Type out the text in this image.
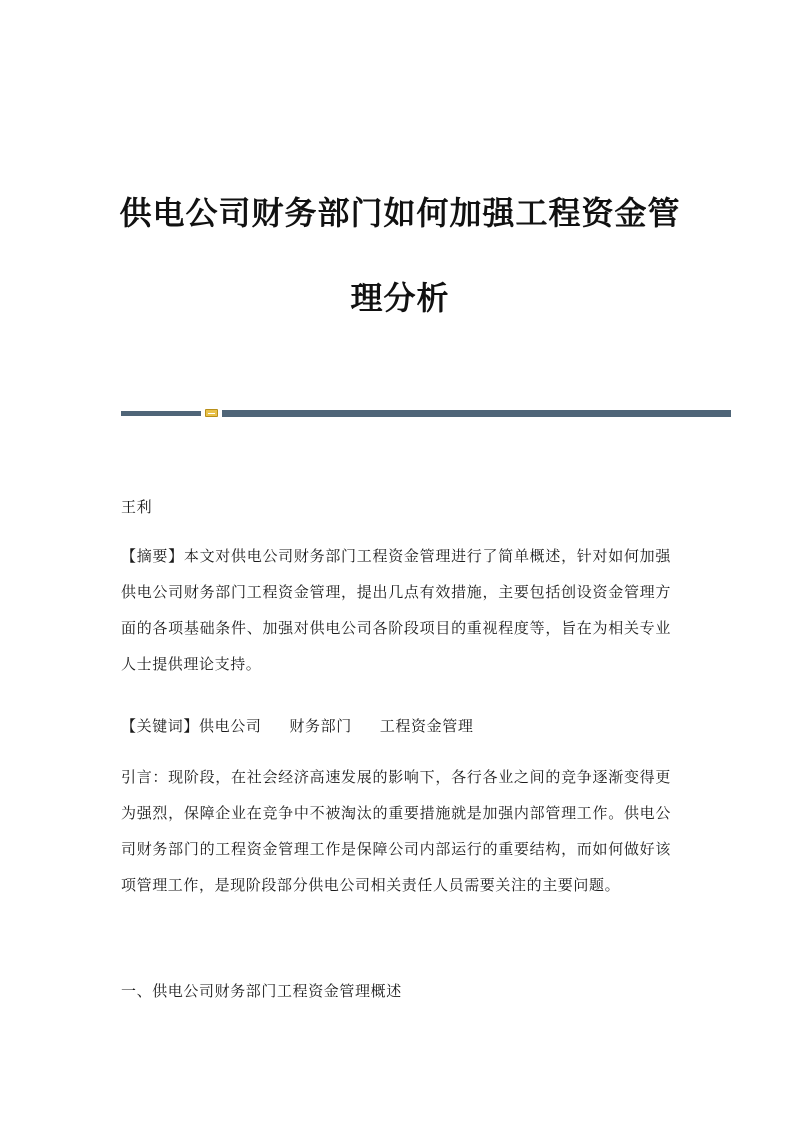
供电公司财务部门如何加强工程资金管
理分析

王利

【摘要】本文对供电公司财务部门工程资金管理进行了简单概述，针对如何加强供电公司财务部门工程资金管理，提出几点有效措施，主要包括创设资金管理方面的各项基础条件、加强对供电公司各阶段项目的重视程度等，旨在为相关专业人士提供理论支持。

【关键词】供电公司 财务部门 工程资金管理

引言：现阶段，在社会经济高速发展的影响下，各行各业之间的竞争逐渐变得更为强烈，保障企业在竞争中不被淘汰的重要措施就是加强内部管理工作。供电公司财务部门的工程资金管理工作是保障公司内部运行的重要结构，而如何做好该项管理工作，是现阶段部分供电公司相关责任人员需要关注的主要问题。

一、供电公司财务部门工程资金管理概述
